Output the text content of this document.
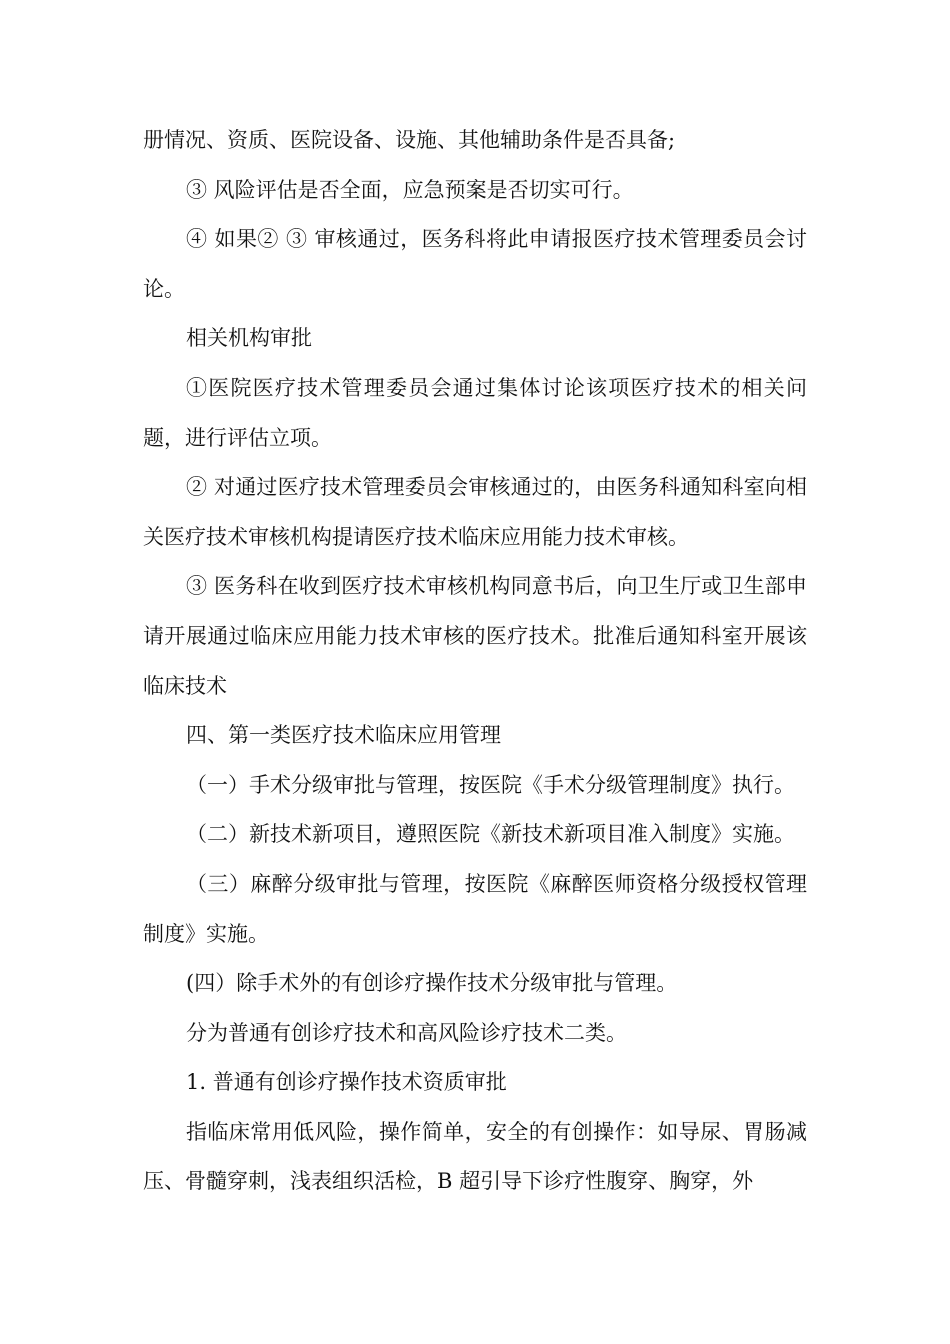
册情况、资质、医院设备、设施、其他辅助条件是否具备;

③ 风险评估是否全面，应急预案是否切实可行。

④ 如果② ③ 审核通过，医务科将此申请报医疗技术管理委员会讨论。

相关机构审批

①医院医疗技术管理委员会通过集体讨论该项医疗技术的相关问题，进行评估立项。

② 对通过医疗技术管理委员会审核通过的，由医务科通知科室向相关医疗技术审核机构提请医疗技术临床应用能力技术审核。

③ 医务科在收到医疗技术审核机构同意书后，向卫生厅或卫生部申请开展通过临床应用能力技术审核的医疗技术。批准后通知科室开展该临床技术

四、第一类医疗技术临床应用管理

（一）手术分级审批与管理，按医院《手术分级管理制度》执行。

（二）新技术新项目，遵照医院《新技术新项目准入制度》实施。

（三）麻醉分级审批与管理，按医院《麻醉医师资格分级授权管理制度》实施。

(四）除手术外的有创诊疗操作技术分级审批与管理。

分为普通有创诊疗技术和高风险诊疗技术二类。

1. 普通有创诊疗操作技术资质审批

指临床常用低风险，操作简单，安全的有创操作：如导尿、胃肠减压、骨髓穿刺，浅表组织活检，B 超引导下诊疗性腹穿、胸穿，外
